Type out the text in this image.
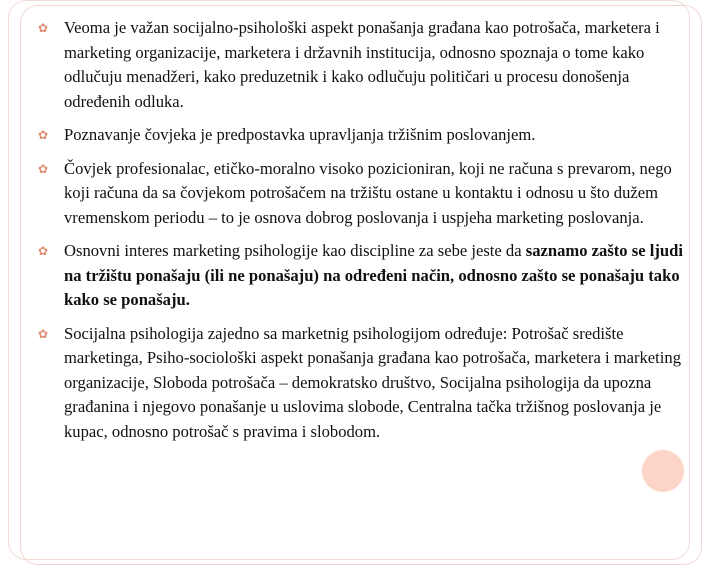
✿ Veoma je važan socijalno-psihološki aspekt ponašanja građana kao potrošača, marketera i marketing organizacije, marketera i državnih institucija, odnosno spoznaja o tome kako odlučuju menadžeri, kako preduzetnik i kako odlučuju političari u procesu donošenja određenih odluka.
✿ Poznavanje čovjeka je predpostavka upravljanja tržišnim poslovanjem.
✿ Čovjek profesionalac, etičko-moralno visoko pozicioniran, koji ne računa s prevarom, nego koji računa da sa čovjekom potrošačem na tržištu ostane u kontaktu i odnosu u što dužem vremenskom periodu – to je osnova dobrog poslovanja i uspjeha marketing poslovanja.
✿ Osnovni interes marketing psihologije kao discipline za sebe jeste da saznamo zašto se ljudi na tržištu ponašaju (ili ne ponašaju) na određeni način, odnosno zašto se ponašaju tako kako se ponašaju.
✿ Socijalna psihologija zajedno sa marketnig psihologijom određuje: Potrošač središte marketinga, Psiho-sociološki aspekt ponašanja građana kao potrošača, marketera i marketing organizacije, Sloboda potrošača – demokratsko društvo, Socijalna psihologija da upozna građanina i njegovo ponašanje u uslovima slobode, Centralna tačka tržišnog poslovanja je kupac, odnosno potrošač s pravima i slobodom.
